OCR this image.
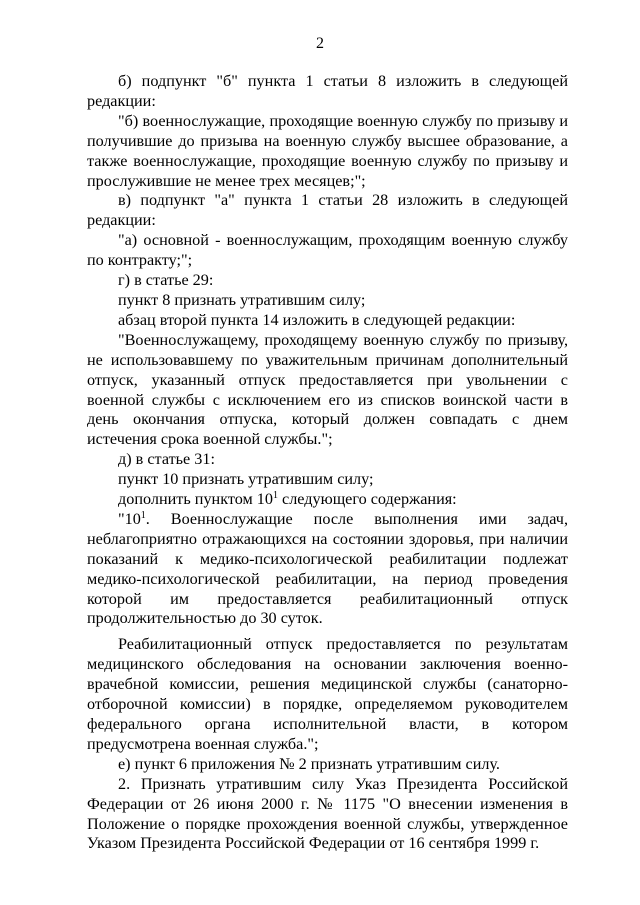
2

б) подпункт "б" пункта 1 статьи 8 изложить в следующей редакции:

"б) военнослужащие, проходящие военную службу по призыву и получившие до призыва на военную службу высшее образование, а также военнослужащие, проходящие военную службу по призыву и прослужившие не менее трех месяцев;";

в) подпункт "а" пункта 1 статьи 28 изложить в следующей редакции:

"а) основной - военнослужащим, проходящим военную службу по контракту;";

г) в статье 29:

пункт 8 признать утратившим силу;

абзац второй пункта 14 изложить в следующей редакции:

"Военнослужащему, проходящему военную службу по призыву, не использовавшему по уважительным причинам дополнительный отпуск, указанный отпуск предоставляется при увольнении с военной службы с исключением его из списков воинской части в день окончания отпуска, который должен совпадать с днем истечения срока военной службы.";

д) в статье 31:

пункт 10 признать утратившим силу;

дополнить пунктом $10^1$ следующего содержания:

"$10^1$. Военнослужащие после выполнения ими задач, неблагоприятно отражающихся на состоянии здоровья, при наличии показаний к медико-психологической реабилитации подлежат медико-психологической реабилитации, на период проведения которой им предоставляется реабилитационный отпуск продолжительностью до 30 суток.

Реабилитационный отпуск предоставляется по результатам медицинского обследования на основании заключения военно-врачебной комиссии, решения медицинской службы (санаторно-отборочной комиссии) в порядке, определяемом руководителем федерального органа исполнительной власти, в котором предусмотрена военная служба.";

е) пункт 6 приложения № 2 признать утратившим силу.

2. Признать утратившим силу Указ Президента Российской Федерации от 26 июня 2000 г. № 1175 "О внесении изменения в Положение о порядке прохождения военной службы, утвержденное Указом Президента Российской Федерации от 16 сентября 1999 г.
